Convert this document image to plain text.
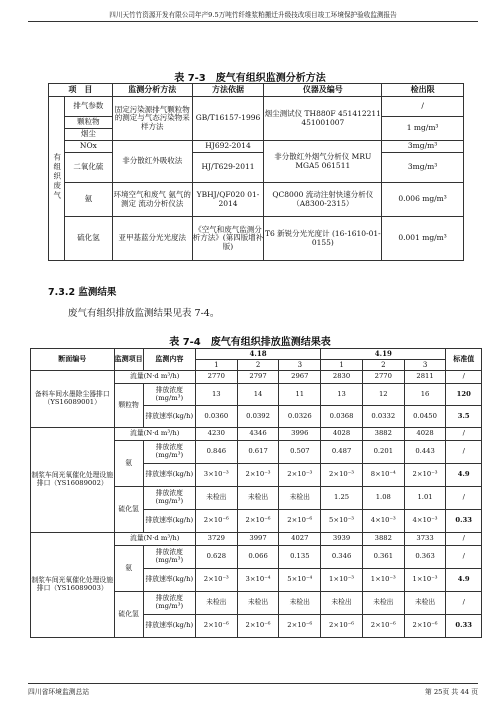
四川天竹竹资源开发有限公司年产9.5万吨竹纤维浆粕搬迁升级技改项目竣工环境保护验收监测报告
表 7-3　废气有组织监测分析方法
项　目		监测分析方法	方法依据	仪器及编号	检出限
有组织废气	排气参数	固定污染源排气颗粒物的测定与气态污染物采样方法	GB/T16157-1996	烟尘测试仪 TH880F 451412211 451001007	/
	颗粒物				1 mg/m³
	烟尘				
	NOx	非分散红外吸收法	HJ692-2014	非分散红外烟气分析仪 MRU MGA5 061511	3mg/m³
	二氧化硫		HJ/T629-2011		3mg/m³
	氨	环境空气和废气 氨气的测定 流动分析仪法	YBHJ/QF020 01-2014	QC8000 流动注射快速分析仪（A8300-2315）	0.006 mg/m³
	硫化氢	亚甲基蓝分光光度法	《空气和废气监测分析方法》(第四版增补版)	T6 新锐分光光度计 (16-1610-01-0155)	0.001 mg/m³
7.3.2 监测结果
废气有组织排放监测结果见表 7-4。
表 7-4　废气有组织排放监测结果表
断面编号	监测项目	监测内容	4.18			4.19			标准值
			1	2	3	1	2	3	
备料车间水墨除尘器排口（YS16089001）	流量(N·d m³/h)		2770	2797	2967	2830	2770	2811	/
	颗粒物	排放浓度(mg/m³)	13	14	11	13	12	16	120
		排放速率(kg/h)	0.0360	0.0392	0.0326	0.0368	0.0332	0.0450	3.5
制浆车间光氧催化处理设施排口（YS16089002）	流量(N·d m³/h)		4230	4346	3996	4028	3882	4028	/
	氨	排放浓度(mg/m³)	0.846	0.617	0.507	0.487	0.201	0.443	/
		排放速率(kg/h)	3×10⁻³	2×10⁻³	2×10⁻³	2×10⁻³	8×10⁻⁴	2×10⁻³	4.9
	硫化氢	排放浓度(mg/m³)	未检出	未检出	未检出	1.25	1.08	1.01	/
		排放速率(kg/h)	2×10⁻⁶	2×10⁻⁶	2×10⁻⁶	5×10⁻³	4×10⁻³	4×10⁻³	0.33
制浆车间光氧催化处理设施排口（YS16089003）	流量(N·d m³/h)		3729	3997	4027	3939	3882	3733	/
	氨	排放浓度(mg/m³)	0.628	0.066	0.135	0.346	0.361	0.363	/
		排放速率(kg/h)	2×10⁻³	3×10⁻⁴	5×10⁻⁴	1×10⁻³	1×10⁻³	1×10⁻³	4.9
	硫化氢	排放浓度(mg/m³)	未检出	未检出	未检出	未检出	未检出	未检出	/
		排放速率(kg/h)	2×10⁻⁶	2×10⁻⁶	2×10⁻⁶	2×10⁻⁶	2×10⁻⁶	2×10⁻⁶	0.33
四川省环境监测总站	第 25页 共 44 页
